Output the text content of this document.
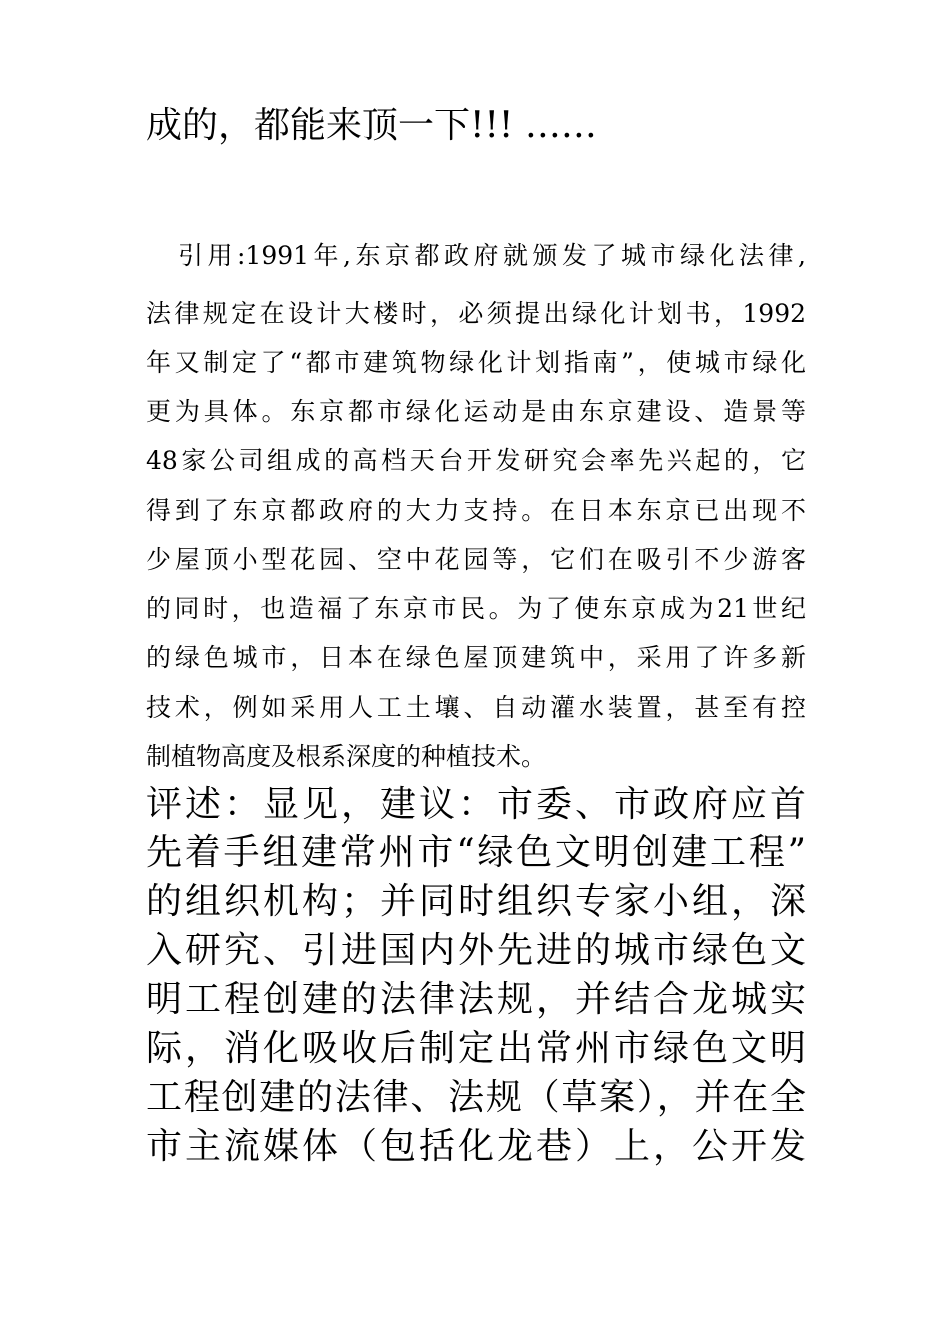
成的，都能来顶一下!!! ……
引用:1991年,东京都政府就颁发了城市绿化法律,
法律规定在设计大楼时，必须提出绿化计划书，1992
年又制定了“都市建筑物绿化计划指南”，使城市绿化
更为具体。东京都市绿化运动是由东京建设、造景等
48家公司组成的高档天台开发研究会率先兴起的，它
得到了东京都政府的大力支持。在日本东京已出现不
少屋顶小型花园、空中花园等，它们在吸引不少游客
的同时，也造福了东京市民。为了使东京成为21世纪
的绿色城市，日本在绿色屋顶建筑中，采用了许多新
技术，例如采用人工土壤、自动灌水装置，甚至有控
制植物高度及根系深度的种植技术。
评述：显见，建议：市委、市政府应首
先着手组建常州市“绿色文明创建工程”
的组织机构；并同时组织专家小组，深
入研究、引进国内外先进的城市绿色文
明工程创建的法律法规，并结合龙城实
际，消化吸收后制定出常州市绿色文明
工程创建的法律、法规（草案），并在全
市主流媒体（包括化龙巷）上，公开发
